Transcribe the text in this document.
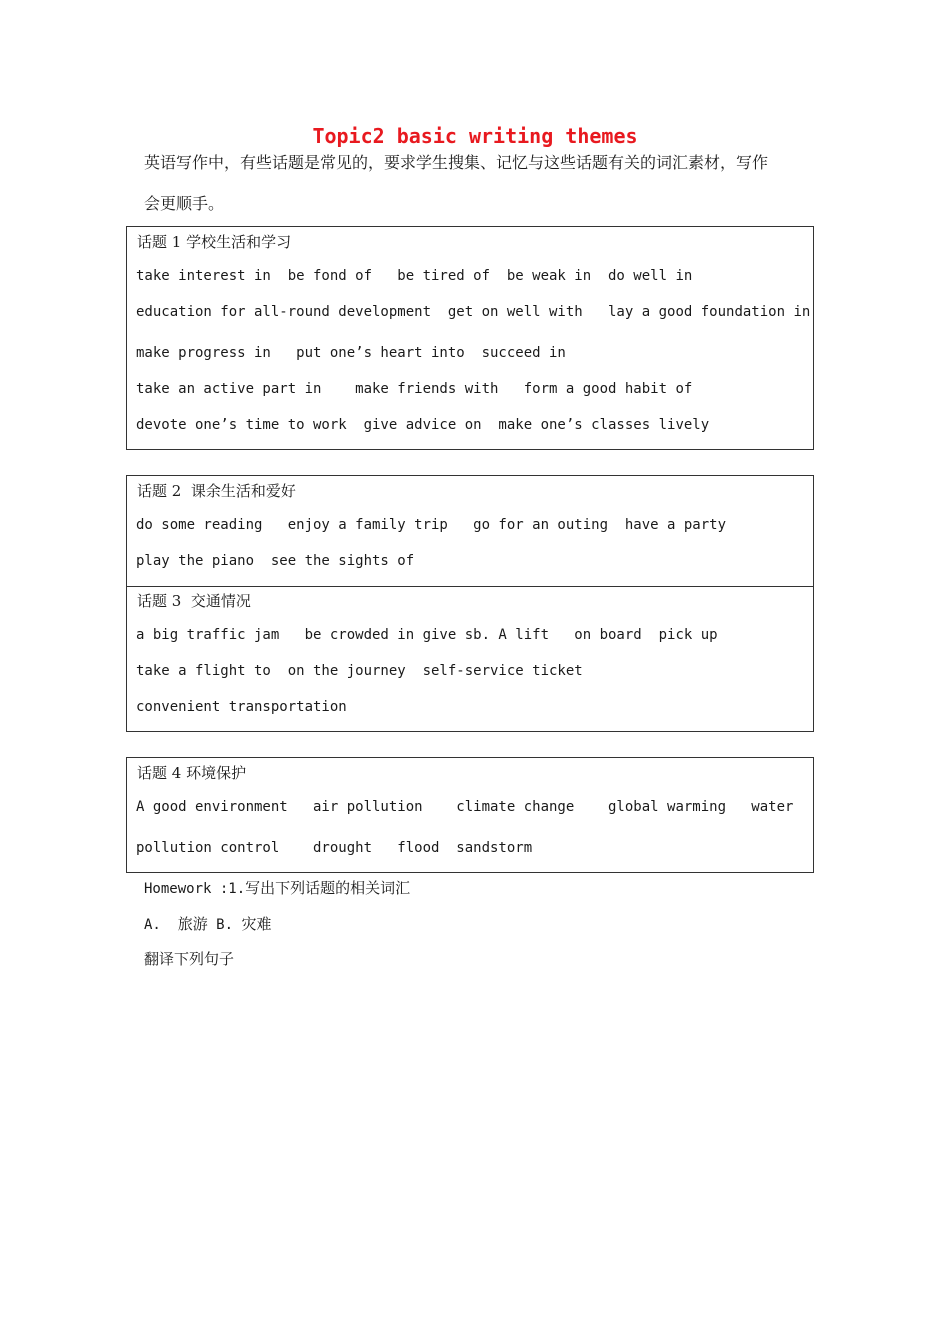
Topic2 basic writing themes
英语写作中，有些话题是常见的，要求学生搜集、记忆与这些话题有关的词汇素材，写作
会更顺手。
话题 1 学校生活和学习
take interest in  be fond of   be tired of  be weak in  do well in
education for all-round development  get on well with   lay a good foundation in
make progress in   put one’s heart into  succeed in
take an active part in    make friends with   form a good habit of
devote one’s time to work  give advice on  make one’s classes lively
话题 2  课余生活和爱好
do some reading   enjoy a family trip   go for an outing  have a party
play the piano  see the sights of
话题 3  交通情况
a big traffic jam   be crowded in give sb. A lift   on board  pick up
take a flight to  on the journey  self-service ticket
convenient transportation
话题 4 环境保护
A good environment   air pollution    climate change    global warming   water
pollution control    drought   flood  sandstorm
Homework :1.写出下列话题的相关词汇
A. 旅游 B. 灾难
翻译下列句子
